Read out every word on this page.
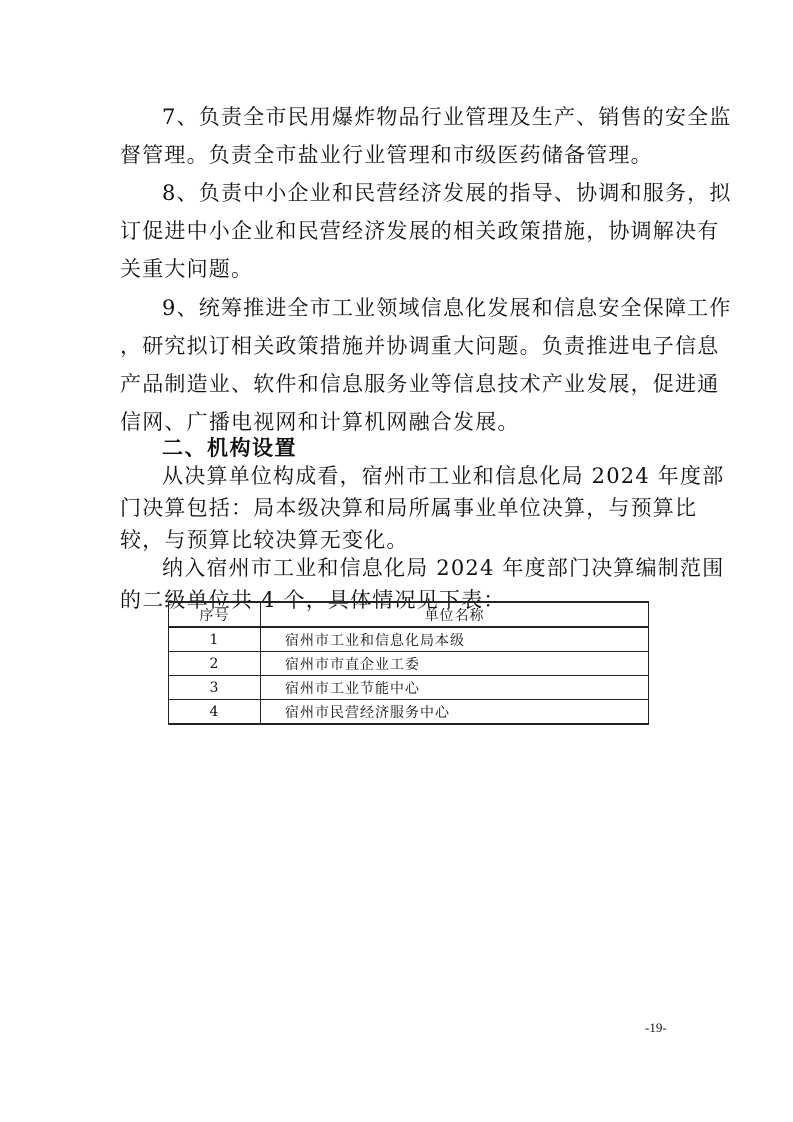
7、负责全市民用爆炸物品行业管理及生产、销售的安全监
督管理。负责全市盐业行业管理和市级医药储备管理。
8、负责中小企业和民营经济发展的指导、协调和服务，拟
订促进中小企业和民营经济发展的相关政策措施，协调解决有
关重大问题。
9、统筹推进全市工业领域信息化发展和信息安全保障工作
，研究拟订相关政策措施并协调重大问题。负责推进电子信息
产品制造业、软件和信息服务业等信息技术产业发展，促进通
信网、广播电视网和计算机网融合发展。
二、机构设置
从决算单位构成看，宿州市工业和信息化局 2024 年度部
门决算包括：局本级决算和局所属事业单位决算，与预算比
较，与预算比较决算无变化。
纳入宿州市工业和信息化局 2024 年度部门决算编制范围
的二级单位共 4 个，具体情况见下表：
序号	单位名称
1	宿州市工业和信息化局本级
2	宿州市市直企业工委
3	宿州市工业节能中心
4	宿州市民营经济服务中心
-19-
